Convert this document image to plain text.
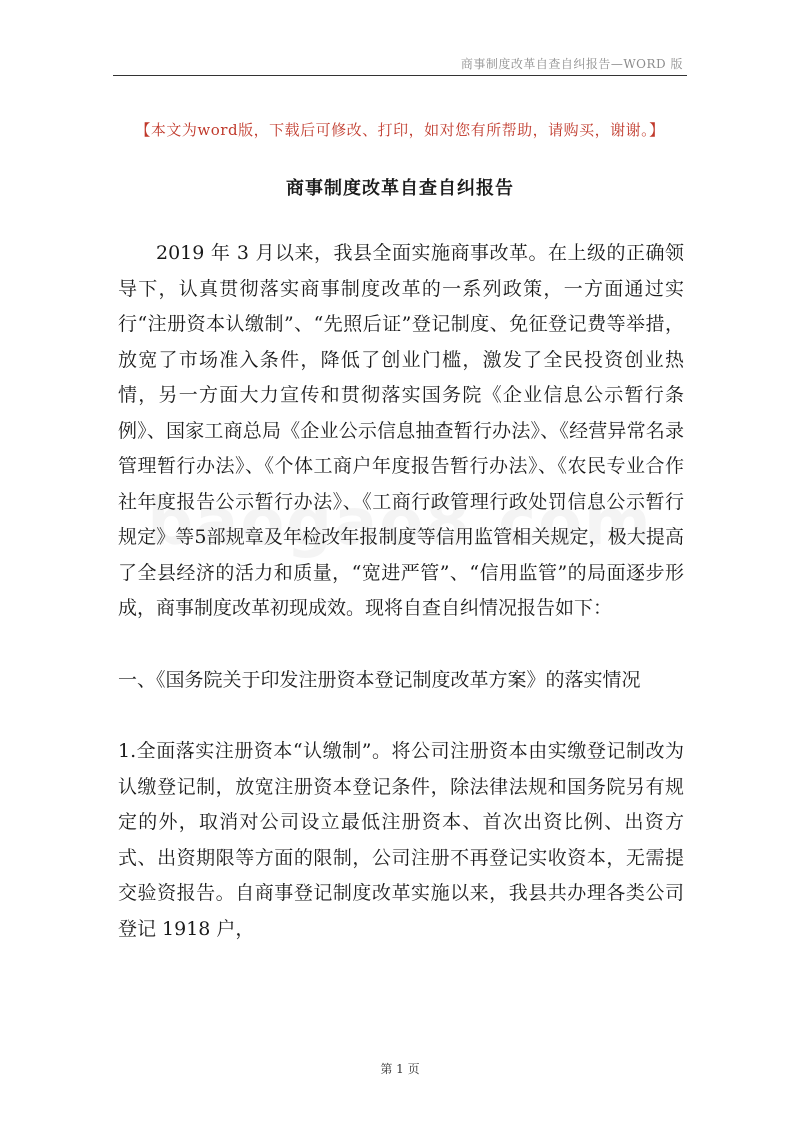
商事制度改革自查自纠报告—WORD 版
【本文为word版，下载后可修改、打印，如对您有所帮助，请购买，谢谢。】
商事制度改革自查自纠报告

2019 年 3 月以来，我县全面实施商事改革。在上级的正确领导下，认真贯彻落实商事制度改革的一系列政策，一方面通过实行“注册资本认缴制”、“先照后证”登记制度、免征登记费等举措，放宽了市场准入条件，降低了创业门槛，激发了全民投资创业热情，另一方面大力宣传和贯彻落实国务院《企业信息公示暂行条例》、国家工商总局《企业公示信息抽查暂行办法》、《经营异常名录管理暂行办法》、《个体工商户年度报告暂行办法》、《农民专业合作社年度报告公示暂行办法》、《工商行政管理行政处罚信息公示暂行规定》等5部规章及年检改年报制度等信用监管相关规定，极大提高了全县经济的活力和质量，“宽进严管”、“信用监管”的局面逐步形成，商事制度改革初现成效。现将自查自纠情况报告如下：

一、《国务院关于印发注册资本登记制度改革方案》的落实情况

1.全面落实注册资本“认缴制”。将公司注册资本由实缴登记制改为认缴登记制，放宽注册资本登记条件，除法律法规和国务院另有规定的外，取消对公司设立最低注册资本、首次出资比例、出资方式、出资期限等方面的限制，公司注册不再登记实收资本，无需提交验资报告。自商事登记制度改革实施以来，我县共办理各类公司登记 1918 户，

第 1 页
